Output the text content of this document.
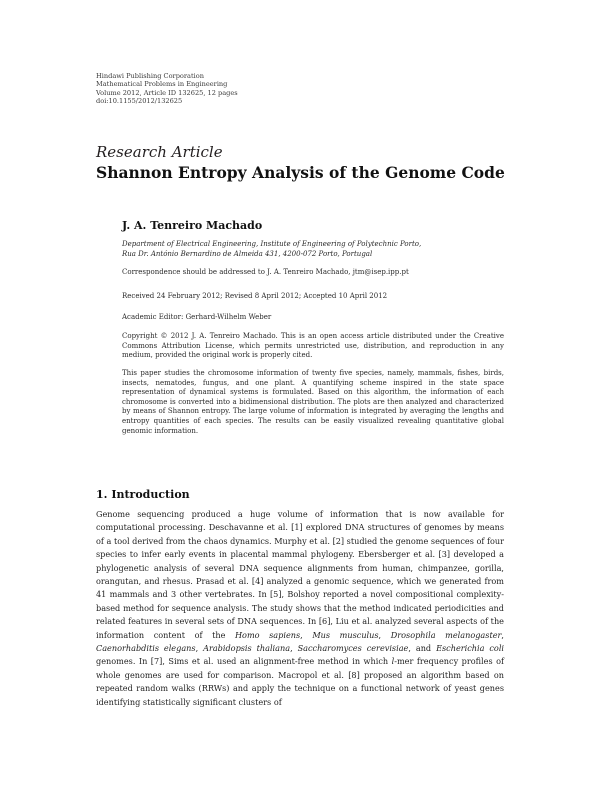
Hindawi Publishing Corporation
Mathematical Problems in Engineering
Volume 2012, Article ID 132625, 12 pages
doi:10.1155/2012/132625
Research Article
Shannon Entropy Analysis of the Genome Code
J. A. Tenreiro Machado
Department of Electrical Engineering, Institute of Engineering of Polytechnic Porto,
Rua Dr. António Bernardino de Almeida 431, 4200-072 Porto, Portugal
Correspondence should be addressed to J. A. Tenreiro Machado, jtm@isep.ipp.pt
Received 24 February 2012; Revised 8 April 2012; Accepted 10 April 2012
Academic Editor: Gerhard-Wilhelm Weber
Copyright © 2012 J. A. Tenreiro Machado. This is an open access article distributed under the Creative Commons Attribution License, which permits unrestricted use, distribution, and reproduction in any medium, provided the original work is properly cited.
This paper studies the chromosome information of twenty five species, namely, mammals, fishes, birds, insects, nematodes, fungus, and one plant. A quantifying scheme inspired in the state space representation of dynamical systems is formulated. Based on this algorithm, the information of each chromosome is converted into a bidimensional distribution. The plots are then analyzed and characterized by means of Shannon entropy. The large volume of information is integrated by averaging the lengths and entropy quantities of each species. The results can be easily visualized revealing quantitative global genomic information.
1. Introduction

Genome sequencing produced a huge volume of information that is now available for computational processing. Deschavanne et al. [1] explored DNA structures of genomes by means of a tool derived from the chaos dynamics. Murphy et al. [2] studied the genome sequences of four species to infer early events in placental mammal phylogeny. Ebersberger et al. [3] developed a phylogenetic analysis of several DNA sequence alignments from human, chimpanzee, gorilla, orangutan, and rhesus. Prasad et al. [4] analyzed a genomic sequence, which we generated from 41 mammals and 3 other vertebrates. In [5], Bolshoy reported a novel compositional complexity-based method for sequence analysis. The study shows that the method indicated periodicities and related features in several sets of DNA sequences. In [6], Liu et al. analyzed several aspects of the information content of the Homo sapiens, Mus musculus, Drosophila melanogaster, Caenorhabditis elegans, Arabidopsis thaliana, Saccharomyces cerevisiae, and Escherichia coli genomes. In [7], Sims et al. used an alignment-free method in which l-mer frequency profiles of whole genomes are used for comparison. Macropol et al. [8] proposed an algorithm based on repeated random walks (RRWs) and apply the technique on a functional network of yeast genes identifying statistically significant clusters of
